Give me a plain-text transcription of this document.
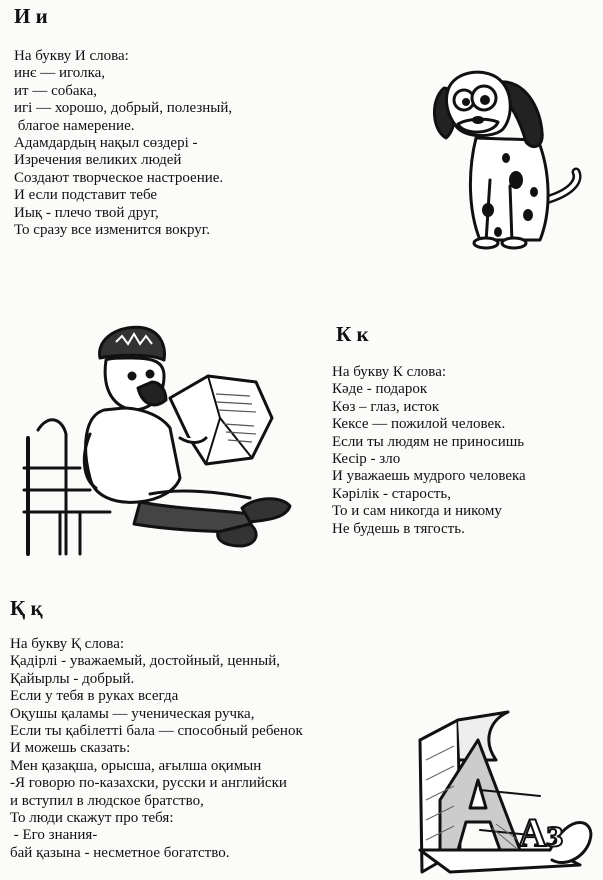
И и
На букву И слова:
инє — иголка,
ит — собака,
игі — хорошо, добрый, полезный,
благое намерение.
Адамдардың нақыл сөздері -
Изречения великих людей
Создают творческое настроение.
И если подставит тебе
Иық - плечо твой друг,
То сразу все изменится вокруг.
К к
На букву К слова:
Кәде - подарок
Көз – глаз, исток
Кексе — пожилой человек.
Если ты людям не приносишь
Кесір - зло
И уважаешь мудрого человека
Кәрілік - старость,
То и сам никогда и никому
Не будешь в тягость.
Қ қ
На букву Қ слова:
Қадірлі - уважаемый, достойный, ценный,
Қайырлы - добрый.
Если у тебя в руках всегда
Оқушы қаламы — ученическая ручка,
Если ты қабілетті бала — способный ребенок
И можешь сказать:
Мен қазақша, орысша, ағылша оқимын
-Я говорю по-казахски, русски и английски
и вступил в людское братство,
То люди скажут про тебя:
- Его знания-
бай қазына - несметное богатство.	Аз
